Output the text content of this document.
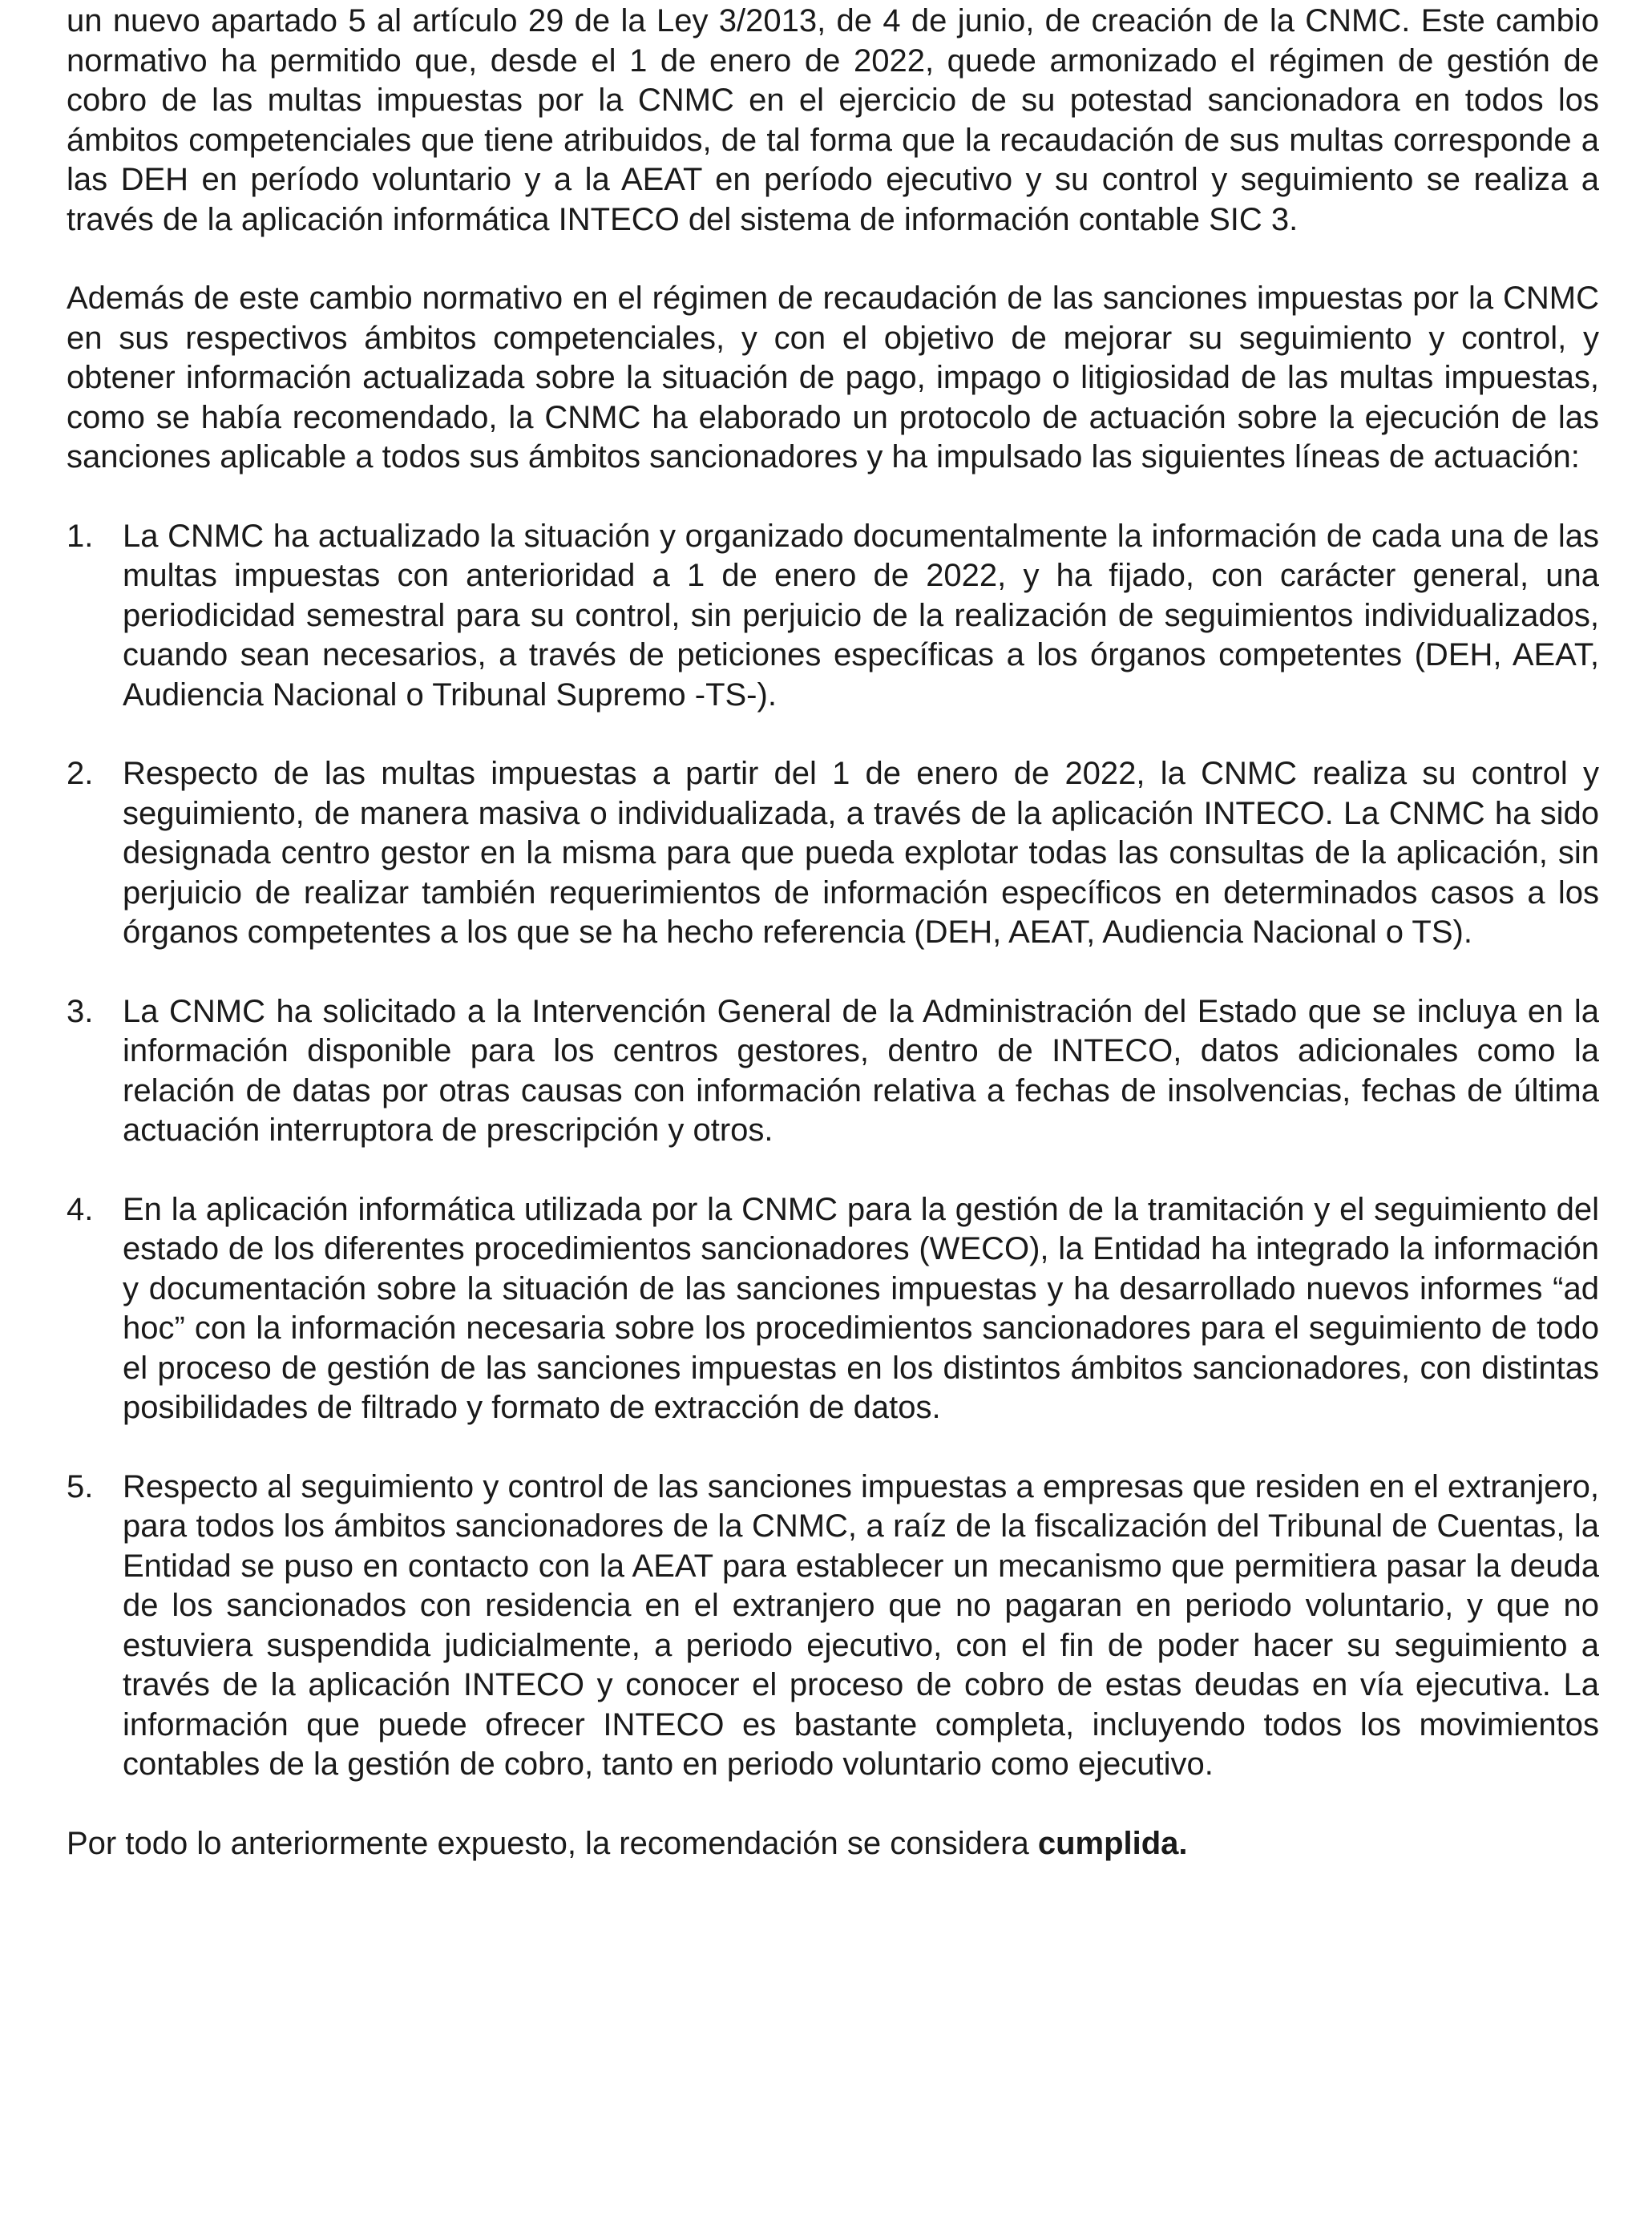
un nuevo apartado 5 al artículo 29 de la Ley 3/2013, de 4 de junio, de creación de la CNMC. Este cambio normativo ha permitido que, desde el 1 de enero de 2022, quede armonizado el régimen de gestión de cobro de las multas impuestas por la CNMC en el ejercicio de su potestad sancionadora en todos los ámbitos competenciales que tiene atribuidos, de tal forma que la recaudación de sus multas corresponde a las DEH en período voluntario y a la AEAT en período ejecutivo y su control y seguimiento se realiza a través de la aplicación informática INTECO del sistema de información contable SIC 3.

Además de este cambio normativo en el régimen de recaudación de las sanciones impuestas por la CNMC en sus respectivos ámbitos competenciales, y con el objetivo de mejorar su seguimiento y control, y obtener información actualizada sobre la situación de pago, impago o litigiosidad de las multas impuestas, como se había recomendado, la CNMC ha elaborado un protocolo de actuación sobre la ejecución de las sanciones aplicable a todos sus ámbitos sancionadores y ha impulsado las siguientes líneas de actuación:

1. La CNMC ha actualizado la situación y organizado documentalmente la información de cada una de las multas impuestas con anterioridad a 1 de enero de 2022, y ha fijado, con carácter general, una periodicidad semestral para su control, sin perjuicio de la realización de seguimientos individualizados, cuando sean necesarios, a través de peticiones específicas a los órganos competentes (DEH, AEAT, Audiencia Nacional o Tribunal Supremo -TS-).
2. Respecto de las multas impuestas a partir del 1 de enero de 2022, la CNMC realiza su control y seguimiento, de manera masiva o individualizada, a través de la aplicación INTECO. La CNMC ha sido designada centro gestor en la misma para que pueda explotar todas las consultas de la aplicación, sin perjuicio de realizar también requerimientos de información específicos en determinados casos a los órganos competentes a los que se ha hecho referencia (DEH, AEAT, Audiencia Nacional o TS).
3. La CNMC ha solicitado a la Intervención General de la Administración del Estado que se incluya en la información disponible para los centros gestores, dentro de INTECO, datos adicionales como la relación de datas por otras causas con información relativa a fechas de insolvencias, fechas de última actuación interruptora de prescripción y otros.
4. En la aplicación informática utilizada por la CNMC para la gestión de la tramitación y el seguimiento del estado de los diferentes procedimientos sancionadores (WECO), la Entidad ha integrado la información y documentación sobre la situación de las sanciones impuestas y ha desarrollado nuevos informes “ad hoc” con la información necesaria sobre los procedimientos sancionadores para el seguimiento de todo el proceso de gestión de las sanciones impuestas en los distintos ámbitos sancionadores, con distintas posibilidades de filtrado y formato de extracción de datos.
5. Respecto al seguimiento y control de las sanciones impuestas a empresas que residen en el extranjero, para todos los ámbitos sancionadores de la CNMC, a raíz de la fiscalización del Tribunal de Cuentas, la Entidad se puso en contacto con la AEAT para establecer un mecanismo que permitiera pasar la deuda de los sancionados con residencia en el extranjero que no pagaran en periodo voluntario, y que no estuviera suspendida judicialmente, a periodo ejecutivo, con el fin de poder hacer su seguimiento a través de la aplicación INTECO y conocer el proceso de cobro de estas deudas en vía ejecutiva. La información que puede ofrecer INTECO es bastante completa, incluyendo todos los movimientos contables de la gestión de cobro, tanto en periodo voluntario como ejecutivo.

Por todo lo anteriormente expuesto, la recomendación se considera cumplida.
